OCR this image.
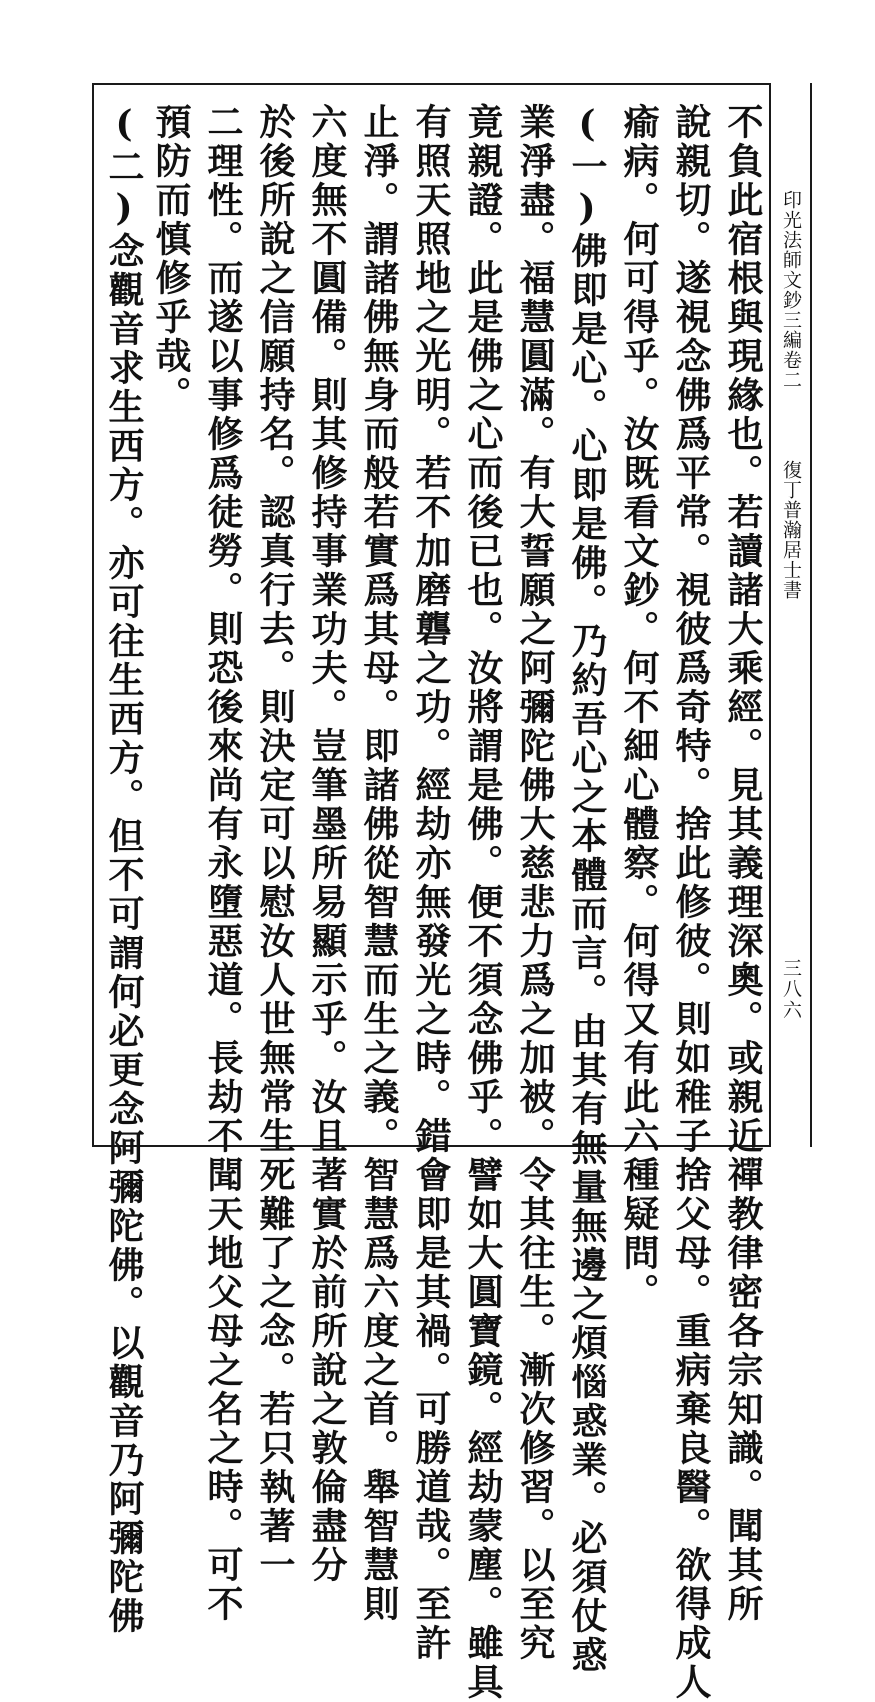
印光法師文鈔三編卷二
復丁普瀚居士書
三八六
不負此宿根與現緣也。若讀諸大乘經。見其義理深奧。或親近禪教律密各宗知識。聞其所
說親切。遂視念佛爲平常。視彼爲奇特。捨此修彼。則如稚子捨父母。重病棄良醫。欲得成人
瘉病。何可得乎。汝既看文鈔。何不細心體察。何得又有此六種疑問。
(一)佛即是心。心即是佛。乃約吾心之本體而言。由其有無量無邊之煩惱惑業。必須仗惑
業淨盡。福慧圓滿。有大誓願之阿彌陀佛大慈悲力爲之加被。令其往生。漸次修習。以至究
竟親證。此是佛之心而後已也。汝將謂是佛。便不須念佛乎。譬如大圓寶鏡。經劫蒙塵。雖具
有照天照地之光明。若不加磨礱之功。經劫亦無發光之時。錯會即是其禍。可勝道哉。至許
止淨。謂諸佛無身而般若實爲其母。即諸佛從智慧而生之義。智慧爲六度之首。舉智慧則
六度無不圓備。則其修持事業功夫。豈筆墨所易顯示乎。汝且著實於前所說之敦倫盡分
於後所說之信願持名。認真行去。則決定可以慰汝人世無常生死難了之念。若只執著一
二理性。而遂以事修爲徒勞。則恐後來尚有永墮惡道。長劫不聞天地父母之名之時。可不
預防而慎修乎哉。
(二)念觀音求生西方。亦可往生西方。但不可謂何必更念阿彌陀佛。以觀音乃阿彌陀佛
